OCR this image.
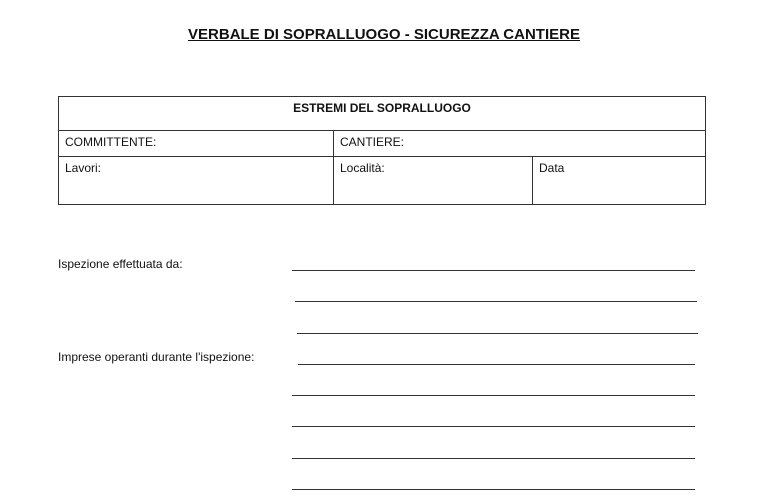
VERBALE DI SOPRALLUOGO - SICUREZZA CANTIERE
ESTREMI DEL SOPRALLUOGO		
COMMITTENTE:	CANTIERE:	
Lavori:	Località:	Data
Ispezione effettuata da:
Imprese operanti durante l'ispezione:
